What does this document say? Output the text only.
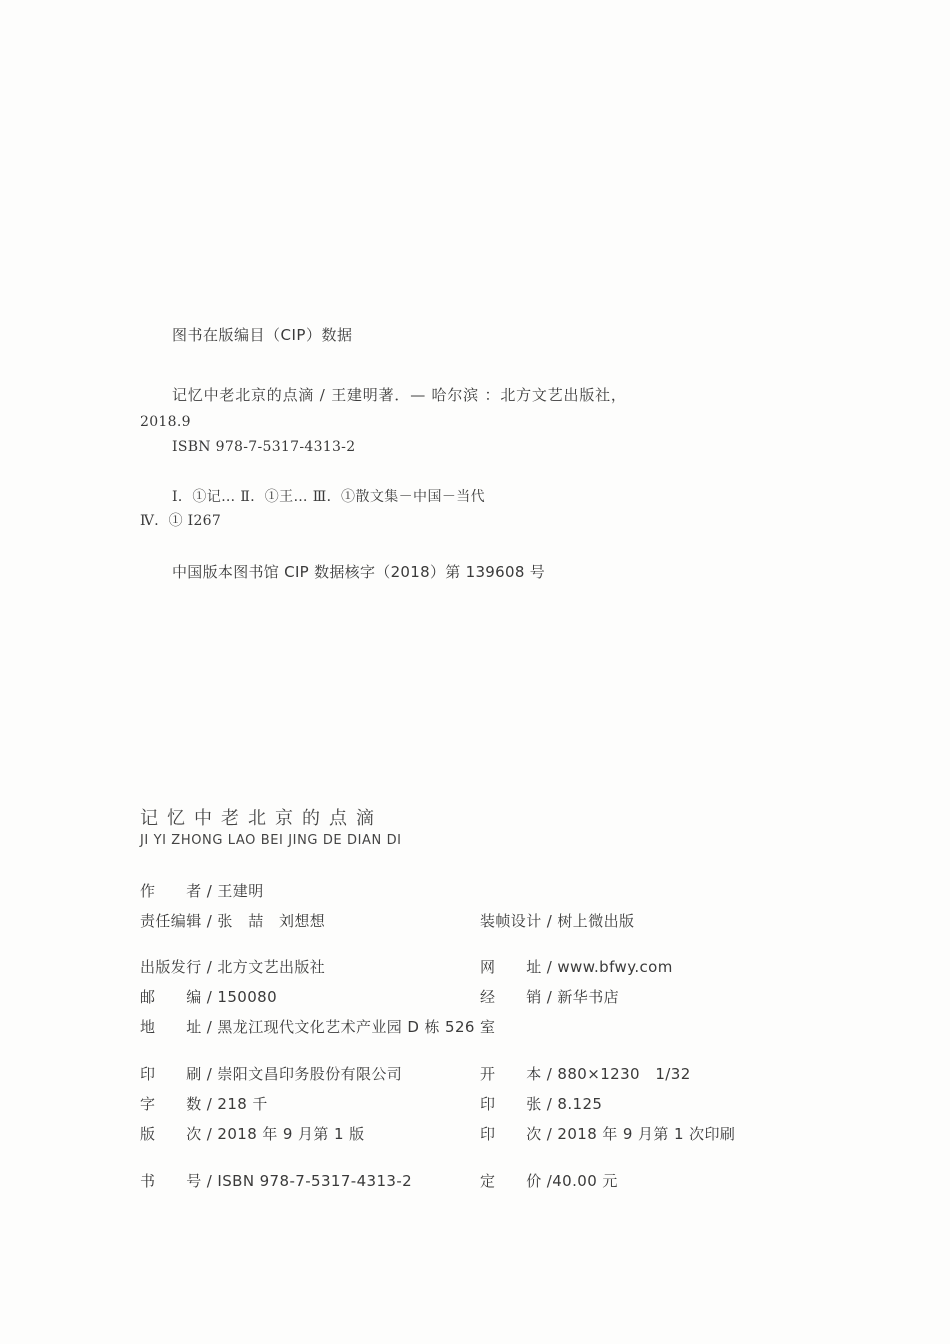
图书在版编目（CIP）数据
记忆中老北京的点滴 / 王建明著．— 哈尔滨 ：北方文艺出版社，
2018.9
ISBN 978-7-5317-4313-2
Ⅰ．①记… Ⅱ．①王… Ⅲ．①散文集－中国－当代
Ⅳ．① I267
中国版本图书馆 CIP 数据核字（2018）第 139608 号
记忆中老北京的点滴
JI YI ZHONG LAO BEI JING DE DIAN DI
作　　者 / 王建明
责任编辑 / 张　喆　刘想想	装帧设计 / 树上微出版
出版发行 / 北方文艺出版社	网　　址 / www.bfwy.com
邮　　编 / 150080	经　　销 / 新华书店
地　　址 / 黑龙江现代文化艺术产业园 D 栋 526 室
印　　刷 / 崇阳文昌印务股份有限公司	开　　本 / 880×1230　1/32
字　　数 / 218 千	印　　张 / 8.125
版　　次 / 2018 年 9 月第 1 版	印　　次 / 2018 年 9 月第 1 次印刷
书　　号 / ISBN 978-7-5317-4313-2	定　　价 /40.00 元
